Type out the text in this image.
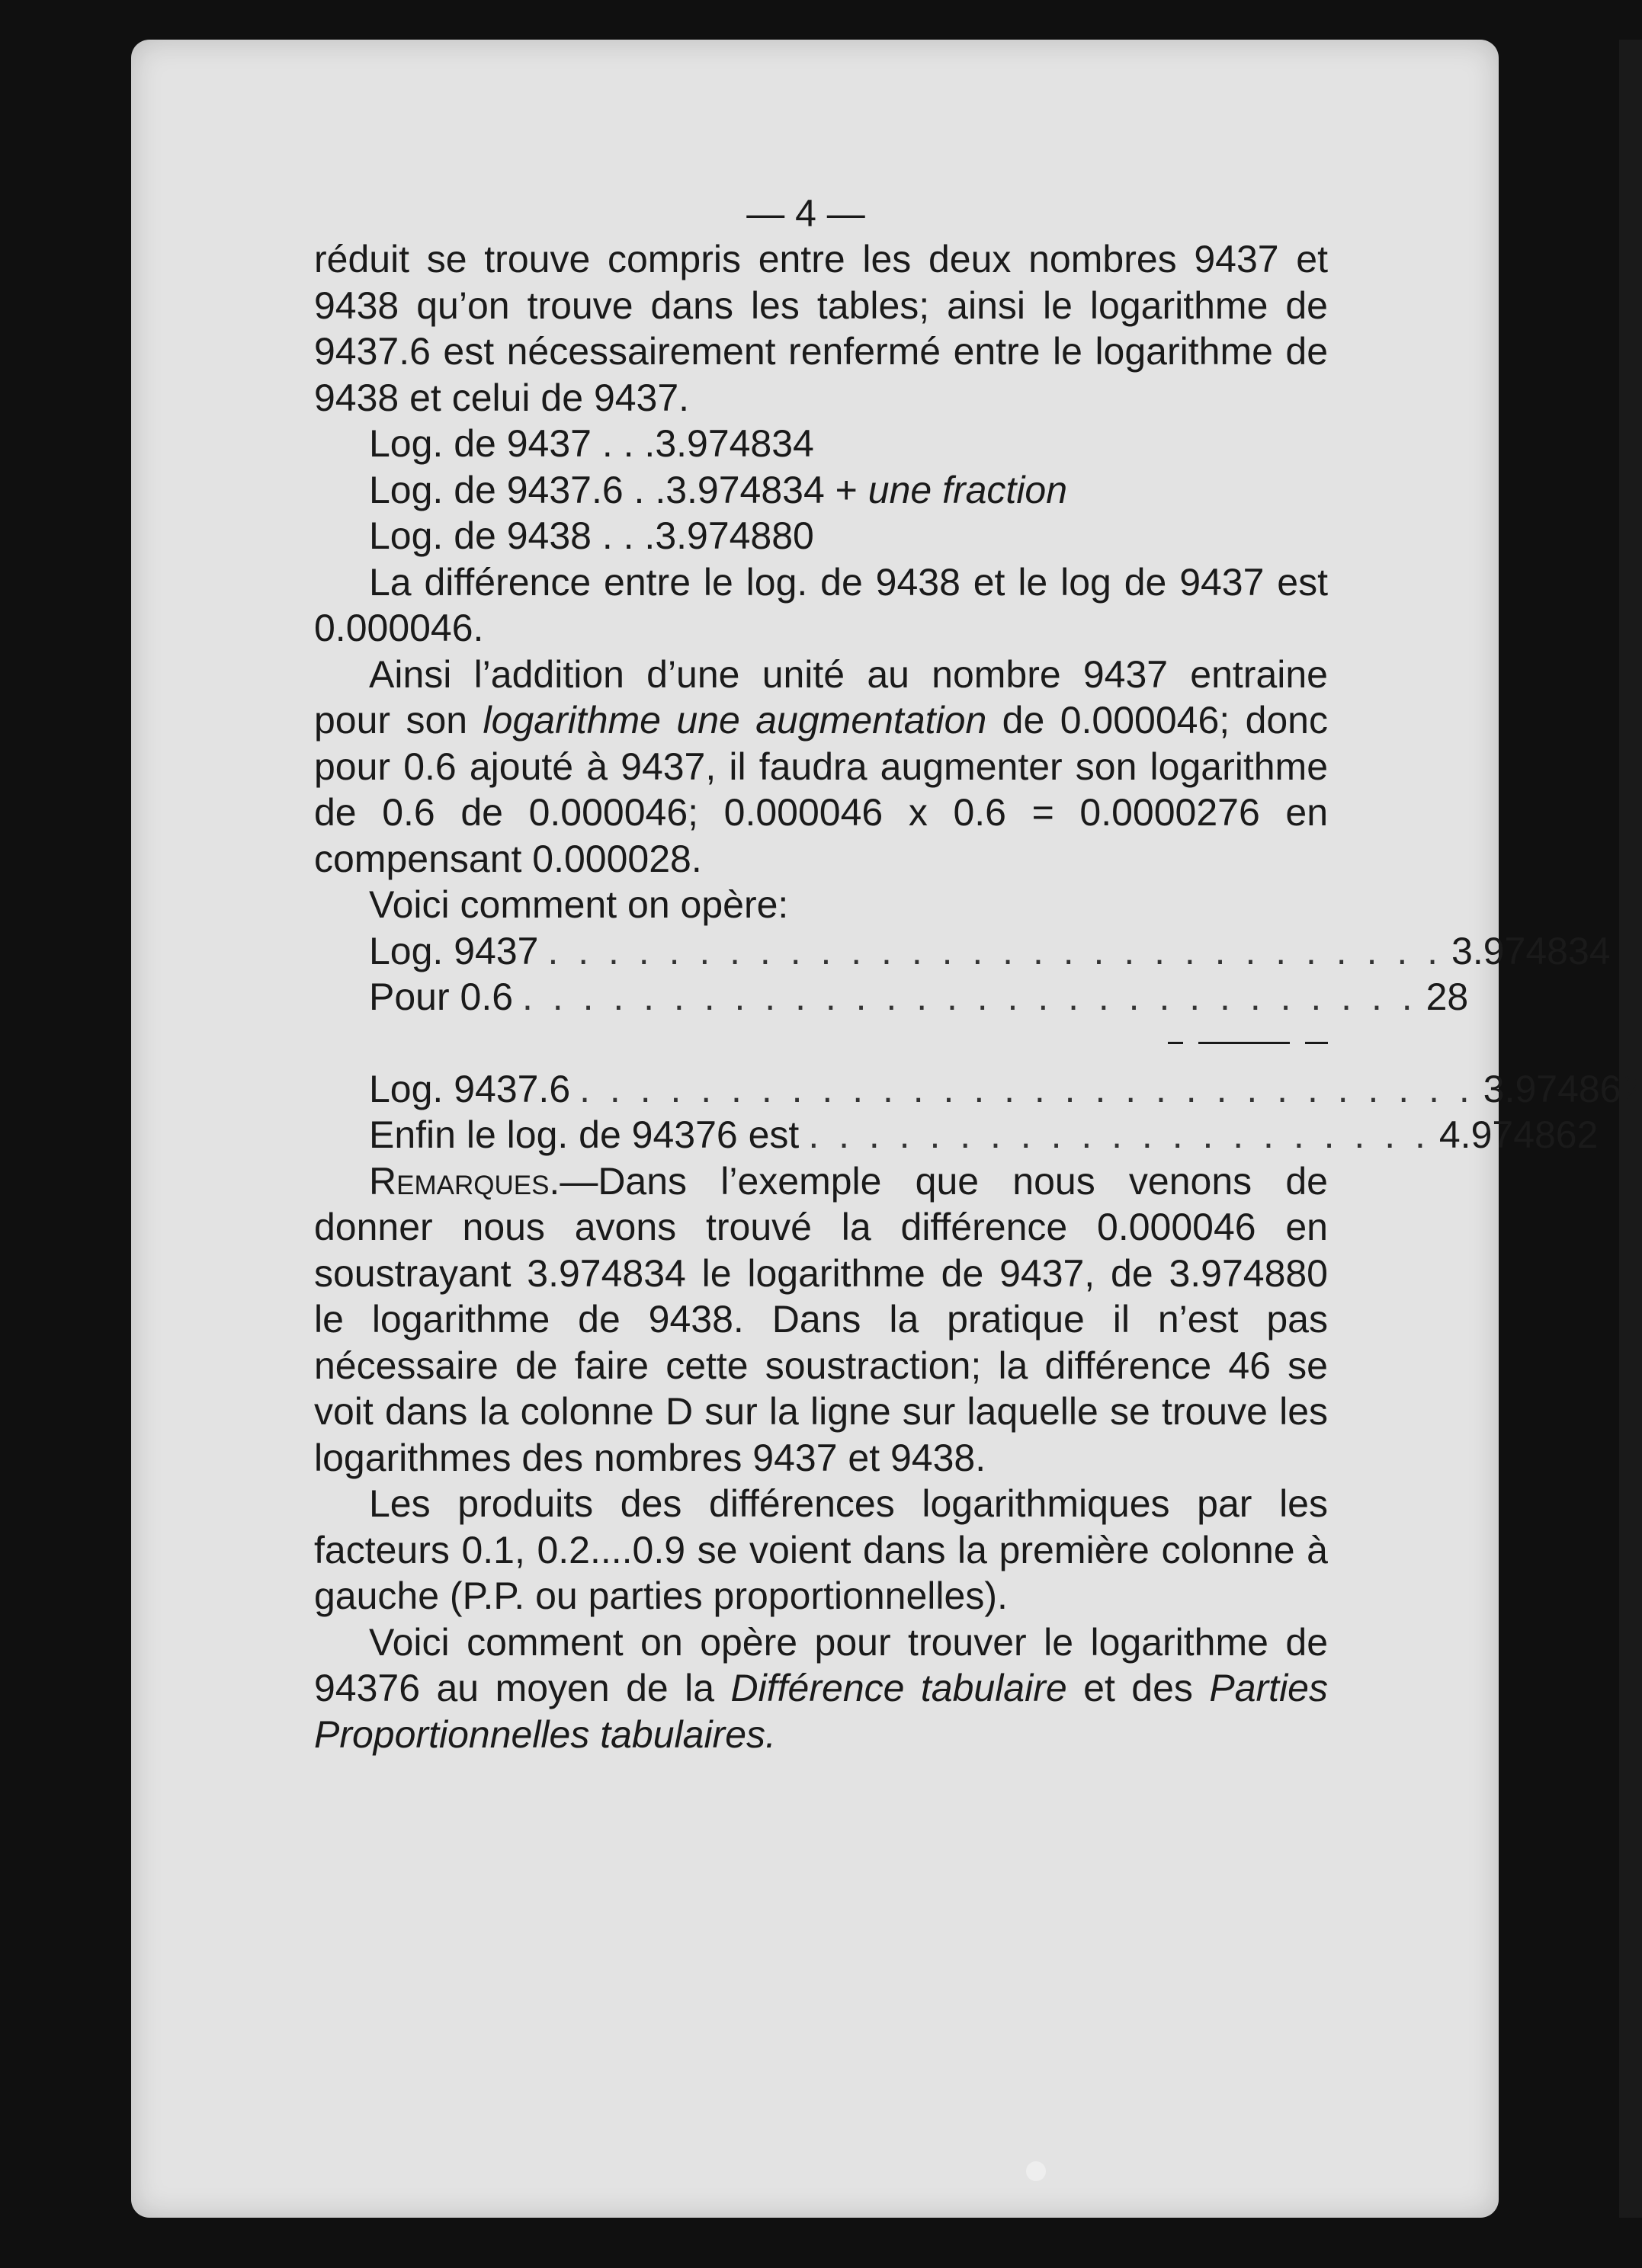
— 4 —

réduit se trouve compris entre les deux nombres 9437 et 9438 qu’on trouve dans les tables; ainsi le logarithme de 9437.6 est nécessairement renfermé entre le logarithme de 9438 et celui de 9437.

Log. de 9437 . . .3.974834
Log. de 9437.6 . .3.974834 + une fraction
Log. de 9438 . . .3.974880

La différence entre le log. de 9438 et le log de 9437 est 0.000046.

Ainsi l’addition d’une unité au nombre 9437 entraine pour son logarithme une augmentation de 0.000046; donc pour 0.6 ajouté à 9437, il faudra augmenter son logarithme de 0.6 de 0.000046; 0.000046 x 0.6 = 0.0000276 en compensant 0.000028.

Voici comment on opère:

Log. 9437 . . . . . . . . . . . . . . . . . . . . . . . . . . . . . . 3.974834
Pour 0.6 . . . . . . . . . . . . . . . . . . . . . . . . . . . . . . 28
Log. 9437.6 . . . . . . . . . . . . . . . . . . . . . . . . . . . . . . 3.974862
Enfin le log. de 94376 est . . . . . . . . . . . . . . . . . . . . . 4.974862

Remarques.—Dans l’exemple que nous venons de donner nous avons trouvé la différence 0.000046 en soustrayant 3.974834 le logarithme de 9437, de 3.974880 le logarithme de 9438. Dans la pratique il n’est pas nécessaire de faire cette soustraction; la différence 46 se voit dans la colonne D sur la ligne sur laquelle se trouve les logarithmes des nombres 9437 et 9438.

Les produits des différences logarithmiques par les facteurs 0.1, 0.2....0.9 se voient dans la première colonne à gauche (P.P. ou parties proportionnelles).

Voici comment on opère pour trouver le logarithme de 94376 au moyen de la Différence tabulaire et des Parties Proportionnelles tabulaires.
